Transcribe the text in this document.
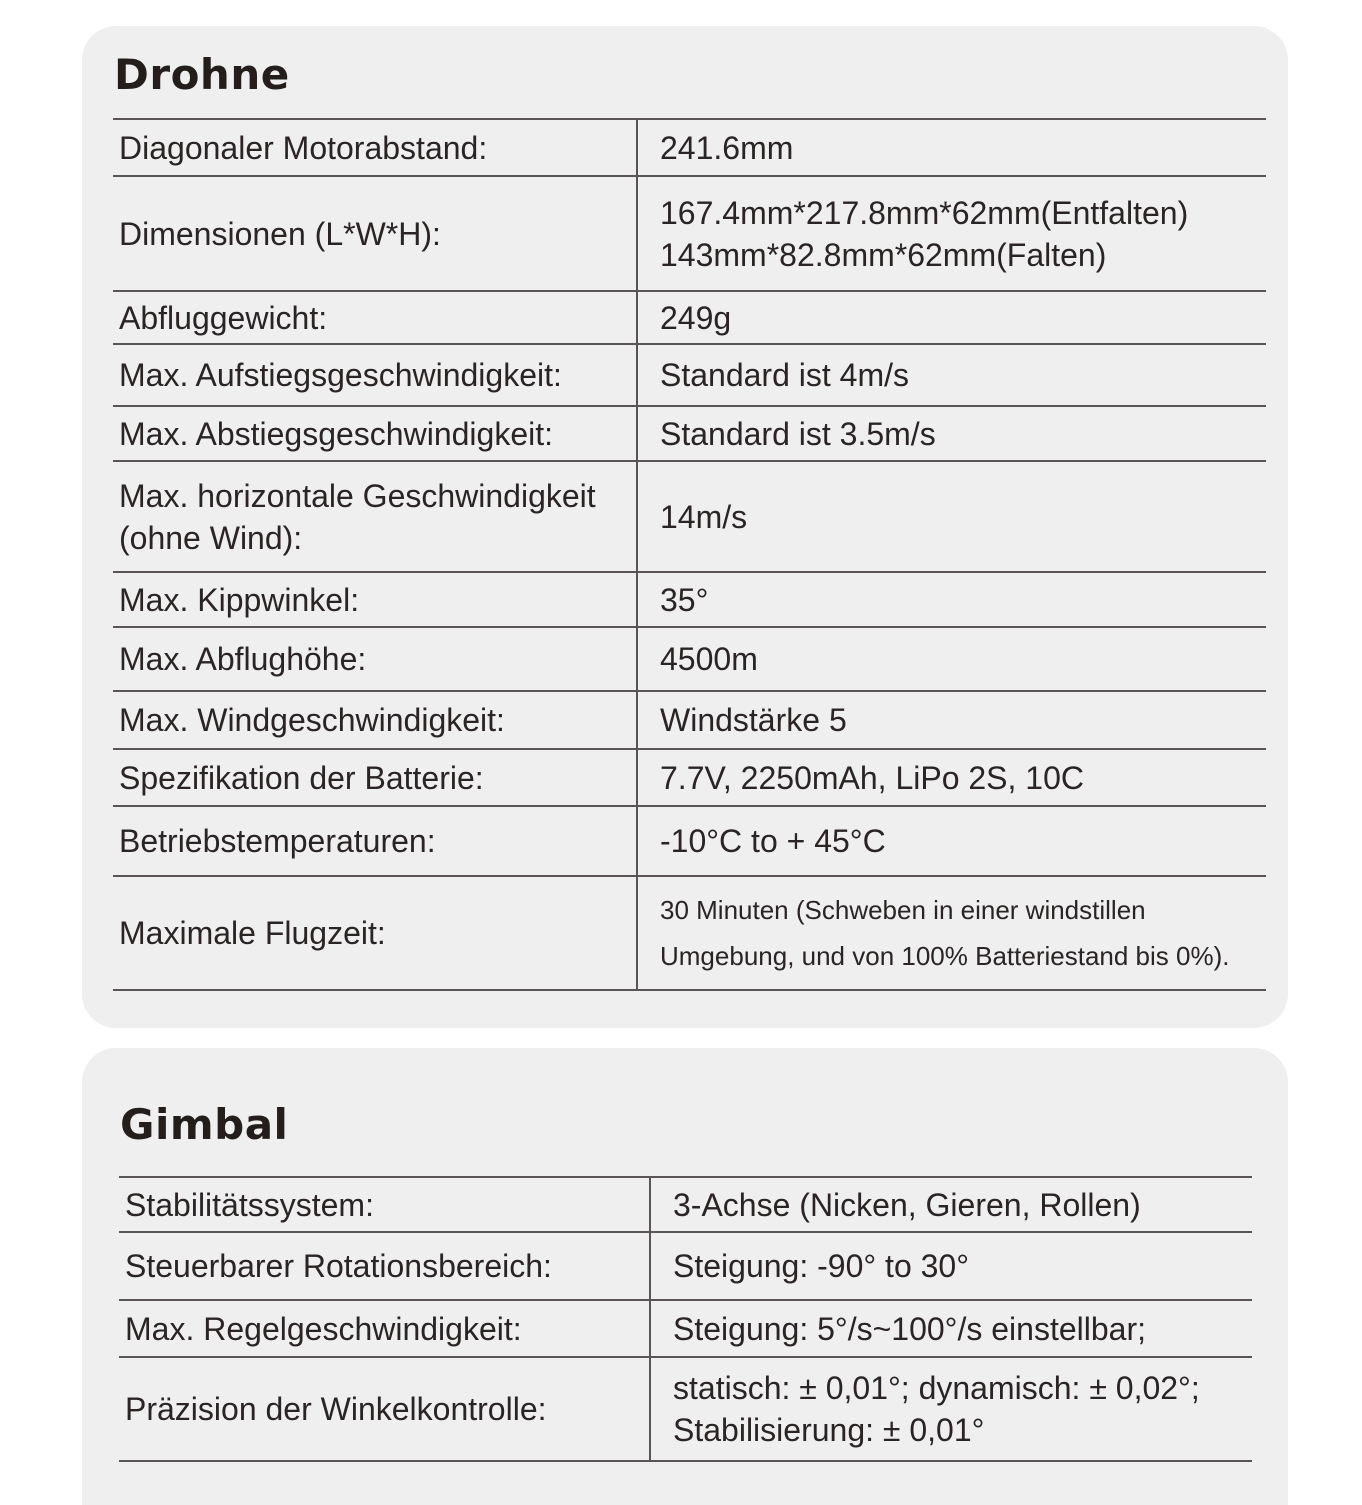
Drohne
Diagonaler Motorabstand:	241.6mm
Dimensionen (L*W*H):	167.4mm*217.8mm*62mm(Entfalten)
143mm*82.8mm*62mm(Falten)

Abfluggewicht:	249g
Max. Aufstiegsgeschwindigkeit:	Standard ist 4m/s
Max. Abstiegsgeschwindigkeit:	Standard ist 3.5m/s

Max. horizontale Geschwindigkeit
(ohne Wind):	14m/s
Max. Kippwinkel:	35°
Max. Abflughöhe:	4500m
Max. Windgeschwindigkeit:	Windstärke 5
Spezifikation der Batterie:	7.7V, 2250mAh, LiPo 2S, 10C
Betriebstemperaturen:	-10°C to + 45°C
Maximale Flugzeit:	30 Minuten (Schweben in einer windstillen
Umgebung, und von 100% Batteriestand bis 0%).
Gimbal
Stabilitätssystem:	3-Achse (Nicken, Gieren, Rollen)
Steuerbarer Rotationsbereich:	Steigung: -90° to 30°
Max. Regelgeschwindigkeit:	Steigung: 5°/s~100°/s einstellbar;
Präzision der Winkelkontrolle:	statisch: ± 0,01°; dynamisch: ± 0,02°;
Stabilisierung: ± 0,01°
